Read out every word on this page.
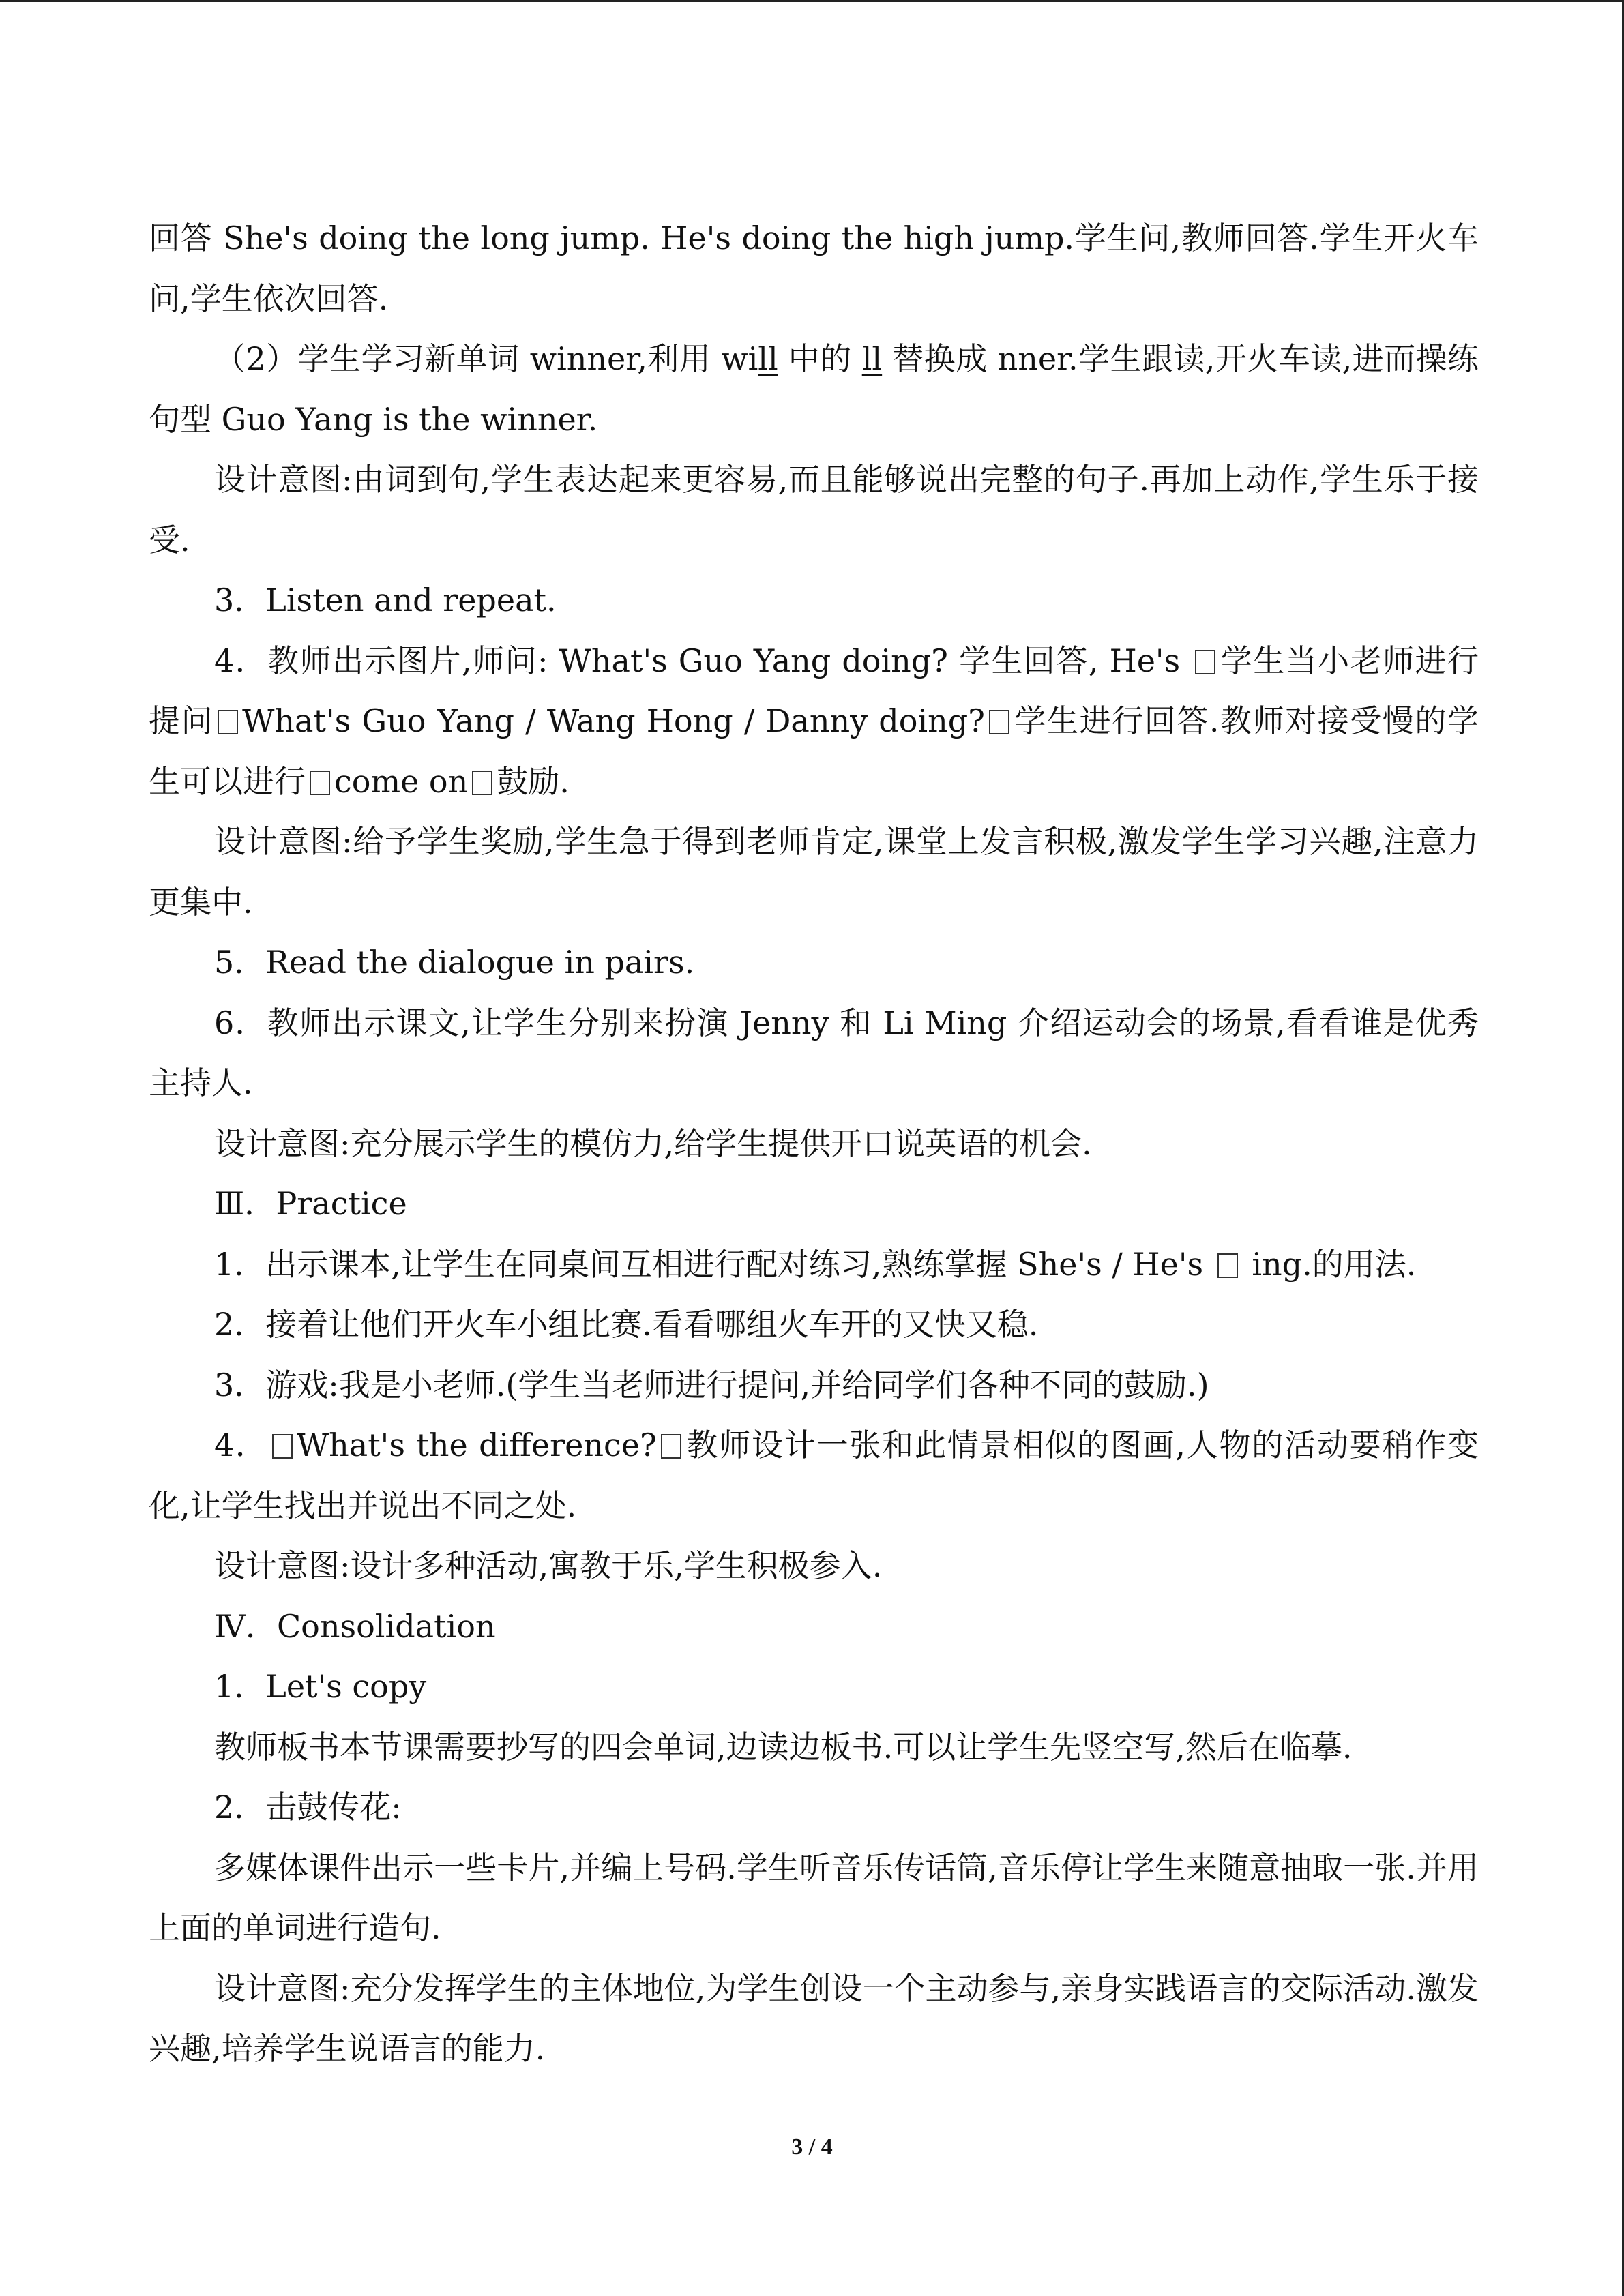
回答 She's doing the long jump. He's doing the high jump.学生问,教师回答.学生开火车问,学生依次回答.

（2）学生学习新单词 winner,利用 will 中的 ll 替换成 nner.学生跟读,开火车读,进而操练句型 Guo Yang is the winner.

设计意图:由词到句,学生表达起来更容易,而且能够说出完整的句子.再加上动作,学生乐于接受.

3．Listen and repeat.

4．教师出示图片,师问: What's Guo Yang doing? 学生回答, He's 学生当小老师进行提问 What's Guo Yang / Wang Hong / Danny doing? 学生进行回答.教师对接受慢的学生可以进行 come on 鼓励.

设计意图:给予学生奖励,学生急于得到老师肯定,课堂上发言积极,激发学生学习兴趣,注意力更集中.

5．Read the dialogue in pairs.

6．教师出示课文,让学生分别来扮演 Jenny 和 Li Ming 介绍运动会的场景,看看谁是优秀主持人.

设计意图:充分展示学生的模仿力,给学生提供开口说英语的机会.

Ⅲ．Practice

1．出示课本,让学生在同桌间互相进行配对练习,熟练掌握 She's / He's  ing.的用法.

2．接着让他们开火车小组比赛.看看哪组火车开的又快又稳.

3．游戏:我是小老师.(学生当老师进行提问,并给同学们各种不同的鼓励.)

4． What's the difference? 教师设计一张和此情景相似的图画,人物的活动要稍作变化,让学生找出并说出不同之处.

设计意图:设计多种活动,寓教于乐,学生积极参入.

Ⅳ．Consolidation

1．Let's copy

教师板书本节课需要抄写的四会单词,边读边板书.可以让学生先竖空写,然后在临摹.

2．击鼓传花:

多媒体课件出示一些卡片,并编上号码.学生听音乐传话筒,音乐停让学生来随意抽取一张.并用上面的单词进行造句.

设计意图:充分发挥学生的主体地位,为学生创设一个主动参与,亲身实践语言的交际活动.激发兴趣,培养学生说语言的能力.

3 / 4
